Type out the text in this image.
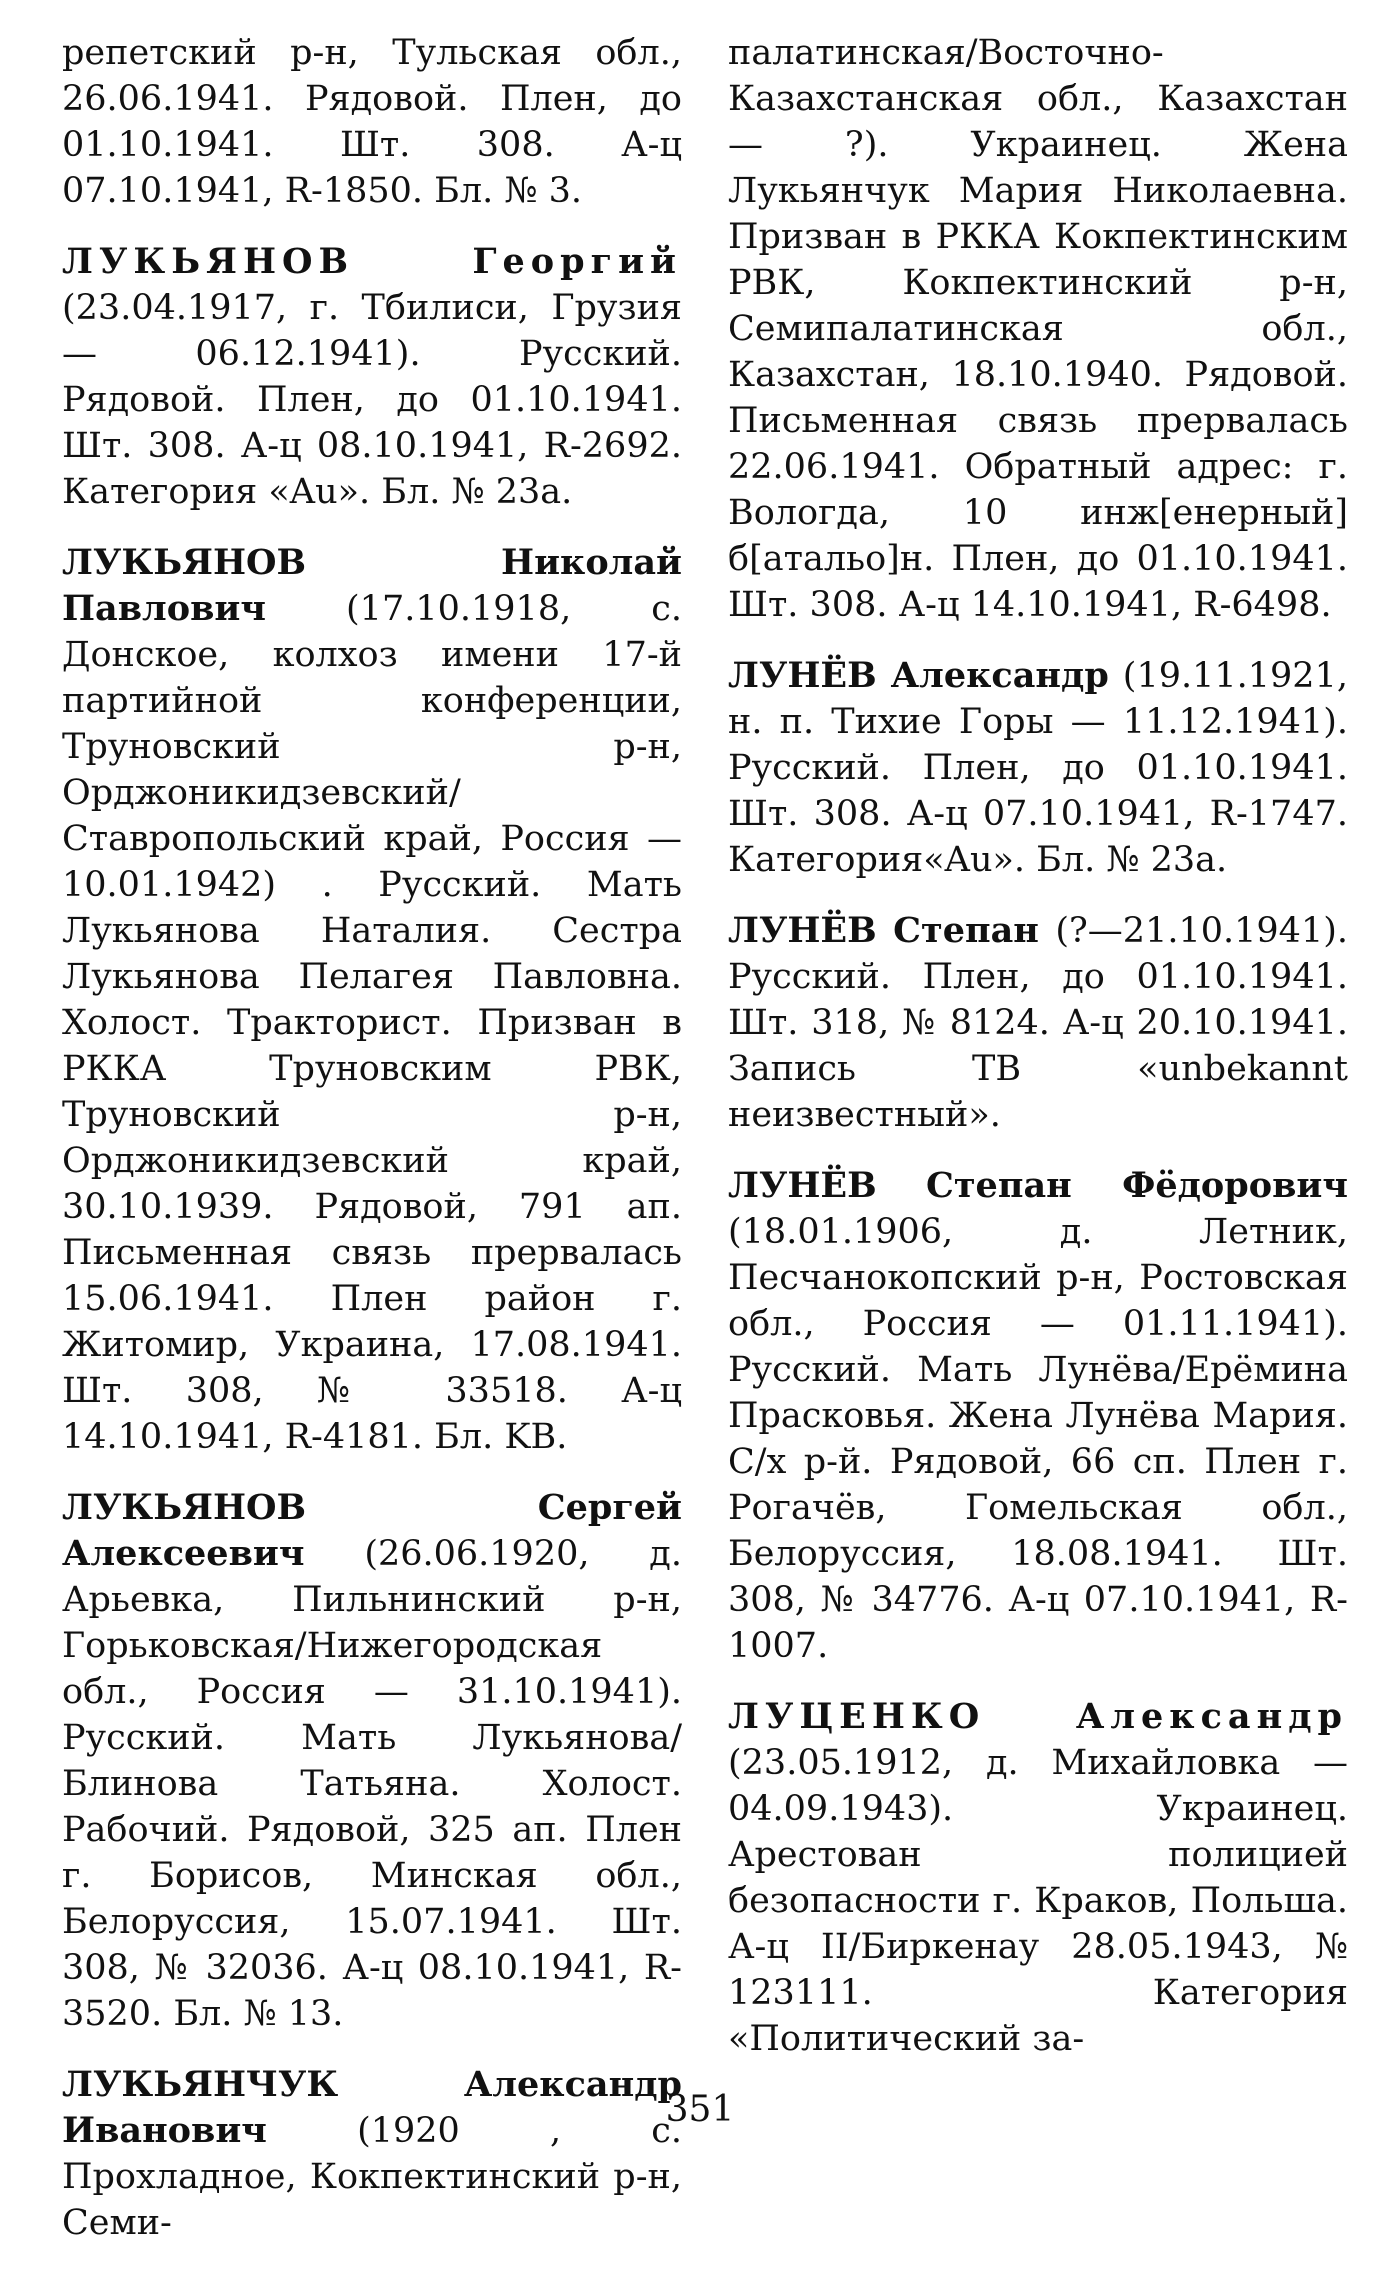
репетский р-н, Тульская обл., 26.06.1941. Рядовой. Плен, до 01.10.1941. Шт. 308. А-ц 07.10.1941, R-1850. Бл. № 3.

ЛУКЬЯНОВ	Георгий (23.04.1917, г. Тбилиси, Грузия — 06.12.1941). Русский. Рядовой. Плен, до 01.10.1941. Шт. 308. А-ц 08.10.1941, R-2692. Категория «Au». Бл. № 23а.

ЛУКЬЯНОВ	Николай Павлович (17.10.1918, с. Донское, колхоз имени 17-й партийной конференции, Труновский р-н, Орджоникидзевский/Ставропольский край, Россия — 10.01.1942) . Русский. Мать Лукьянова Наталия. Сестра Лукьянова Пелагея Павловна. Холост. Тракторист. Призван в РККА Труновским РВК, Труновский р-н, Орджоникидзевский край, 30.10.1939. Рядовой, 791 ап. Письменная связь прервалась 15.06.1941. Плен район г. Житомир, Украина, 17.08.1941. Шт. 308, № 33518. А-ц 14.10.1941, R-4181. Бл. KB.

ЛУКЬЯНОВ	Сергей Алексеевич (26.06.1920, д. Арьевка, Пильнинский р-н, Горьковская/Нижегородская обл., Россия — 31.10.1941). Русский. Мать Лукьянова/Блинова Татьяна. Холост. Рабочий. Рядовой, 325 ап. Плен г. Борисов, Минская обл., Белоруссия, 15.07.1941. Шт. 308, № 32036. А-ц 08.10.1941, R-3520. Бл. № 13.

ЛУКЬЯНЧУК	Александр Иванович	(1920 , с. Прохладное, Кокпектинский р-н, Семи-

палатинская/Восточно-Казахстанская обл., Казахстан — ?). Украинец. Жена Лукьянчук Мария Николаевна. Призван в РККА Кокпектинским РВК, Кокпектинский р-н, Семипалатинская обл., Казахстан, 18.10.1940. Рядовой. Письменная связь прервалась 22.06.1941. Обратный адрес: г. Вологда, 10 инж[енерный] б[атальо]н. Плен, до 01.10.1941. Шт. 308. А-ц 14.10.1941, R-6498.

ЛУНЁВ Александр (19.11.1921, н. п. Тихие Горы — 11.12.1941). Русский. Плен, до 01.10.1941. Шт. 308. А-ц 07.10.1941, R-1747. Категория«Au». Бл. № 23а.

ЛУНЁВ Степан (?—21.10.1941). Русский. Плен, до 01.10.1941. Шт. 318, № 8124. А-ц 20.10.1941. Запись ТВ «unbekannt неизвестный».

ЛУНЁВ Степан Фёдорович (18.01.1906, д. Летник, Песчанокопский р-н, Ростовская обл., Россия — 01.11.1941). Русский. Мать Лунёва/Ерёмина Прасковья. Жена Лунёва Мария. С/х р-й. Рядовой, 66 сп. Плен г. Рогачёв, Гомельская обл., Белоруссия, 18.08.1941. Шт. 308, № 34776. А-ц 07.10.1941, R-1007.

ЛУЦЕНКО	Александр (23.05.1912, д. Михайловка — 04.09.1943). Украинец. Арестован полицией безопасности г. Краков, Польша. А-ц II/Биркенау 28.05.1943, № 123111. Категория «Политический за-

351
